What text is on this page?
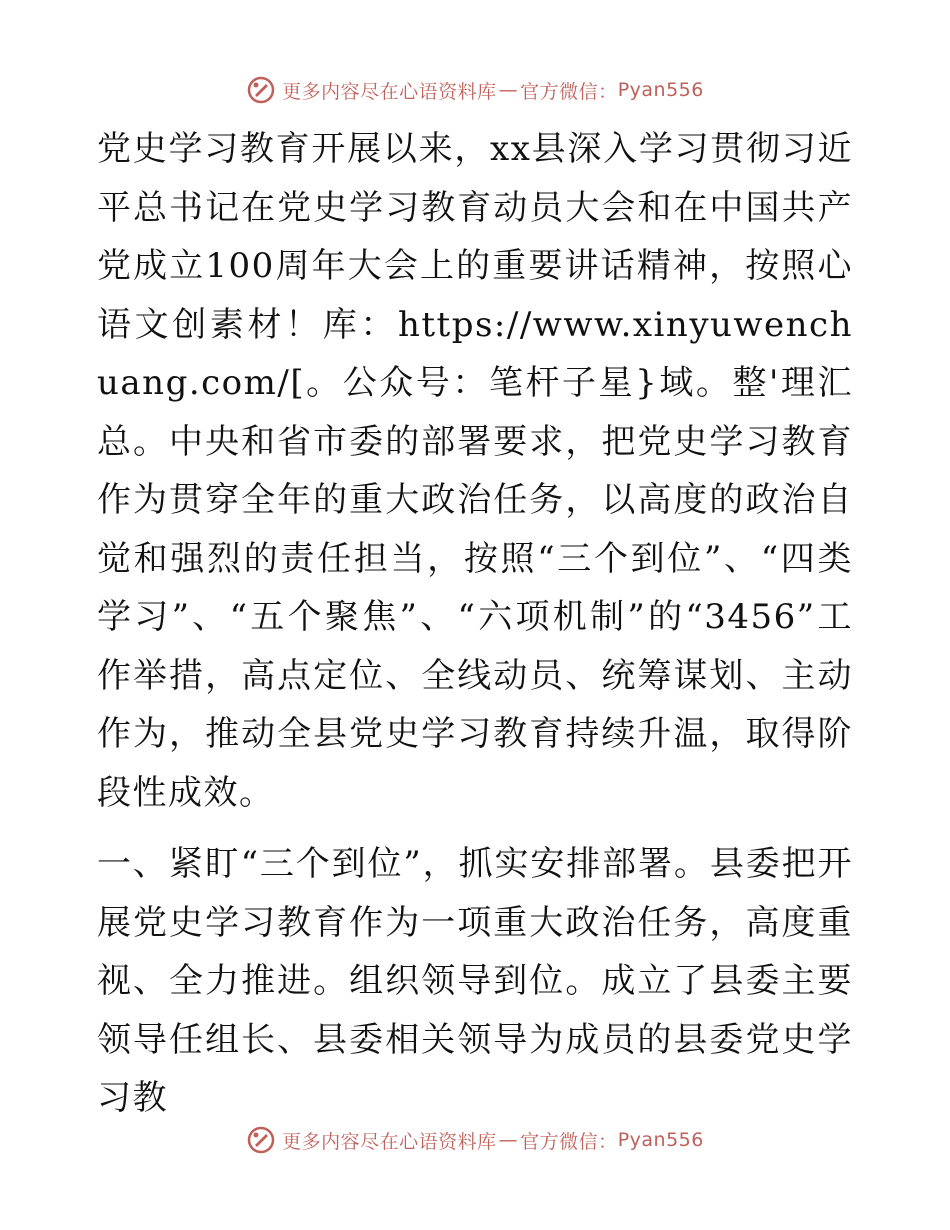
更多内容尽在心语资料库 — 官方微信： Pyan556

党史学习教育开展以来，xx县深入学习贯彻习近平总书记在党史学习教育动员大会和在中国共产党成立100周年大会上的重要讲话精神，按照心语文创素材！库：https://www.xinyuwenchuang.com/[。公众号：笔杆子星}域。整'理汇总。中央和省市委的部署要求，把党史学习教育作为贯穿全年的重大政治任务，以高度的政治自觉和强烈的责任担当，按照“三个到位”、“四类学习”、“五个聚焦”、“六项机制”的“3456”工作举措，高点定位、全线动员、统筹谋划、主动作为，推动全县党史学习教育持续升温，取得阶段性成效。

一、紧盯“三个到位”，抓实安排部署。县委把开展党史学习教育作为一项重大政治任务，高度重视、全力推进。组织领导到位。成立了县委主要领导任组长、县委相关领导为成员的县委党史学习教

更多内容尽在心语资料库 — 官方微信： Pyan556
